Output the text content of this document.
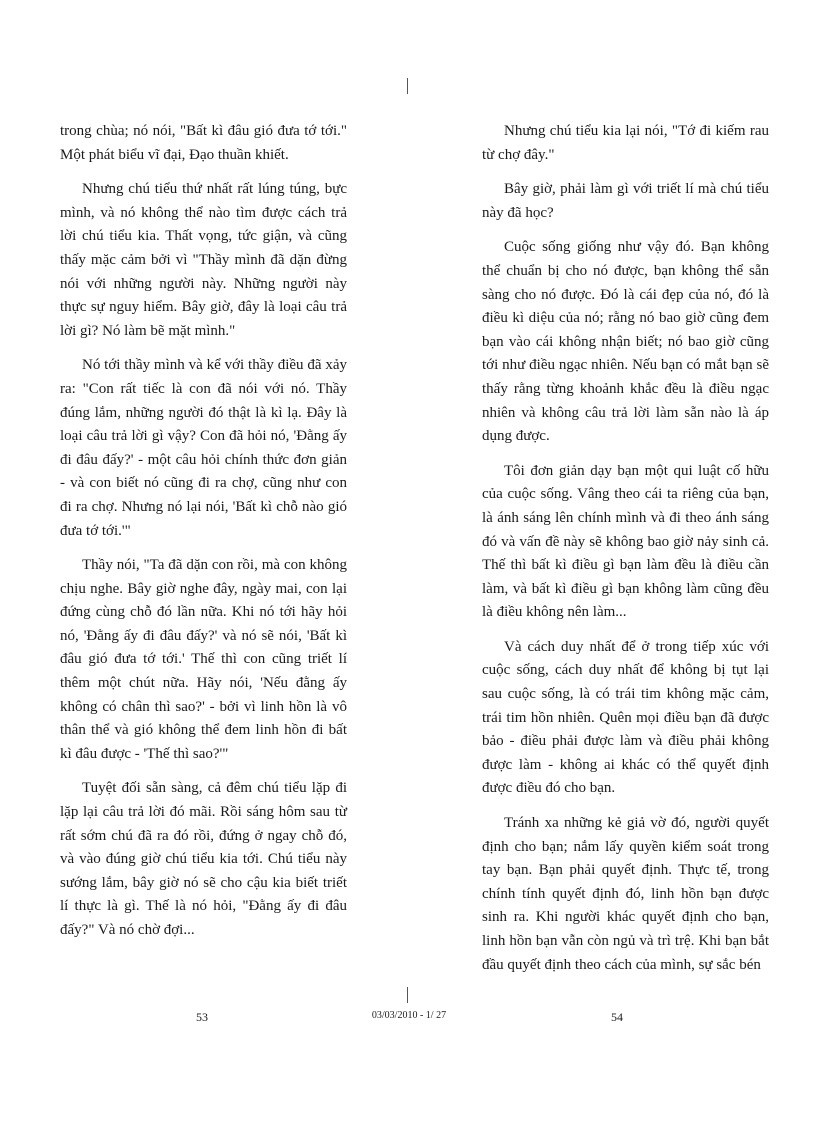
trong chùa; nó nói, "Bất kì đâu gió đưa tớ tới." Một phát biểu vĩ đại, Đạo thuần khiết.

Nhưng chú tiểu thứ nhất rất lúng túng, bực mình, và nó không thể nào tìm được cách trả lời chú tiểu kia. Thất vọng, tức giận, và cũng thấy mặc cảm bởi vì "Thầy mình đã dặn đừng nói với những người này. Những người này thực sự nguy hiểm. Bây giờ, đây là loại câu trả lời gì? Nó làm bẽ mặt mình."

Nó tới thầy mình và kể với thầy điều đã xảy ra: "Con rất tiếc là con đã nói với nó. Thầy đúng lắm, những người đó thật là kì lạ. Đây là loại câu trả lời gì vậy? Con đã hỏi nó, 'Đằng ấy đi đâu đấy?' - một câu hỏi chính thức đơn giản - và con biết nó cũng đi ra chợ, cũng như con đi ra chợ. Nhưng nó lại nói, 'Bất kì chỗ nào gió đưa tớ tới.'"

Thầy nói, "Ta đã dặn con rồi, mà con không chịu nghe. Bây giờ nghe đây, ngày mai, con lại đứng cùng chỗ đó lần nữa. Khi nó tới hãy hỏi nó, 'Đằng ấy đi đâu đấy?' và nó sẽ nói, 'Bất kì đâu gió đưa tớ tới.' Thế thì con cũng triết lí thêm một chút nữa. Hãy nói, 'Nếu đằng ấy không có chân thì sao?' - bởi vì linh hồn là vô thân thể và gió không thể đem linh hồn đi bất kì đâu được - 'Thế thì sao?'"

Tuyệt đối sẵn sàng, cả đêm chú tiểu lặp đi lặp lại câu trả lời đó mãi. Rồi sáng hôm sau từ rất sớm chú đã ra đó rồi, đứng ở ngay chỗ đó, và vào đúng giờ chú tiểu kia tới. Chú tiểu này sướng lắm, bây giờ nó sẽ cho cậu kia biết triết lí thực là gì. Thế là nó hỏi, "Đằng ấy đi đâu đấy?" Và nó chờ đợi...

Nhưng chú tiểu kia lại nói, "Tớ đi kiếm rau từ chợ đây."

Bây giờ, phải làm gì với triết lí mà chú tiểu này đã học?

Cuộc sống giống như vậy đó. Bạn không thể chuẩn bị cho nó được, bạn không thể sẵn sàng cho nó được. Đó là cái đẹp của nó, đó là điều kì diệu của nó; rằng nó bao giờ cũng đem bạn vào cái không nhận biết; nó bao giờ cũng tới như điều ngạc nhiên. Nếu bạn có mắt bạn sẽ thấy rằng từng khoảnh khắc đều là điều ngạc nhiên và không câu trả lời làm sẵn nào là áp dụng được.

Tôi đơn giản dạy bạn một qui luật cố hữu của cuộc sống. Vâng theo cái ta riêng của bạn, là ánh sáng lên chính mình và đi theo ánh sáng đó và vấn đề này sẽ không bao giờ nảy sinh cả. Thế thì bất kì điều gì bạn làm đều là điều cần làm, và bất kì điều gì bạn không làm cũng đều là điều không nên làm...

Và cách duy nhất để ở trong tiếp xúc với cuộc sống, cách duy nhất để không bị tụt lại sau cuộc sống, là có trái tim không mặc cảm, trái tim hồn nhiên. Quên mọi điều bạn đã được bảo - điều phải được làm và điều phải không được làm - không ai khác có thể quyết định được điều đó cho bạn.

Tránh xa những kẻ giả vờ đó, người quyết định cho bạn; nắm lấy quyền kiểm soát trong tay bạn. Bạn phải quyết định. Thực tế, trong chính tính quyết định đó, linh hồn bạn được sinh ra. Khi người khác quyết định cho bạn, linh hồn bạn vẫn còn ngủ và trì trệ. Khi bạn bắt đầu quyết định theo cách của mình, sự sắc bén

53	03/03/2010 - 1/ 27	54
